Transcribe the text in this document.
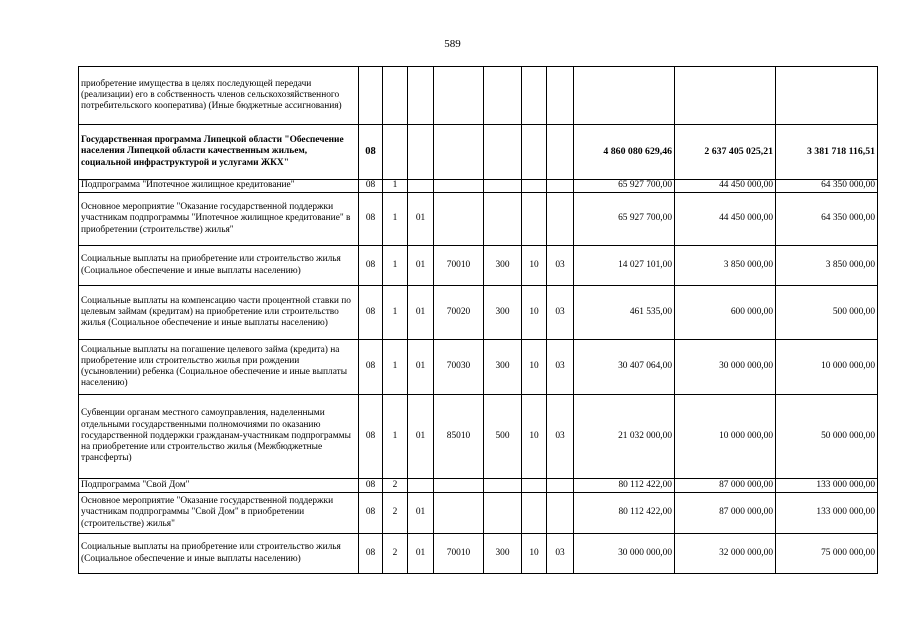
589
приобретение имущества в целях последующей передачи (реализации) его в собственность членов сельскохозяйственного потребительского кооператива) (Иные бюджетные ассигнования)										
Государственная программа Липецкой области "Обеспечение населения Липецкой области качественным жильем, социальной инфраструктурой и услугами ЖКХ"	08							4 860 080 629,46	2 637 405 025,21	3 381 718 116,51
Подпрограмма "Ипотечное жилищное кредитование"	08	1						65 927 700,00	44 450 000,00	64 350 000,00
Основное мероприятие "Оказание государственной поддержки участникам подпрограммы "Ипотечное жилищное кредитование" в приобретении (строительстве) жилья"	08	1	01					65 927 700,00	44 450 000,00	64 350 000,00
Социальные выплаты на приобретение или строительство жилья (Социальное обеспечение и иные выплаты населению)	08	1	01	70010	300	10	03	14 027 101,00	3 850 000,00	3 850 000,00
Социальные выплаты на компенсацию части процентной ставки по целевым займам (кредитам) на приобретение или строительство жилья (Социальное обеспечение и иные выплаты населению)	08	1	01	70020	300	10	03	461 535,00	600 000,00	500 000,00
Социальные выплаты на погашение целевого займа (кредита) на приобретение или строительство жилья при рождении (усыновлении) ребенка (Социальное обеспечение и иные выплаты населению)	08	1	01	70030	300	10	03	30 407 064,00	30 000 000,00	10 000 000,00
Субвенции органам местного самоуправления, наделенными отдельными государственными полномочиями по оказанию государственной поддержки гражданам-участникам подпрограммы на приобретение или строительство жилья (Межбюджетные трансферты)	08	1	01	85010	500	10	03	21 032 000,00	10 000 000,00	50 000 000,00
Подпрограмма "Свой Дом"	08	2						80 112 422,00	87 000 000,00	133 000 000,00
Основное мероприятие "Оказание государственной поддержки участникам подпрограммы "Свой Дом" в приобретении (строительстве) жилья"	08	2	01					80 112 422,00	87 000 000,00	133 000 000,00
Социальные выплаты на приобретение или строительство жилья (Социальное обеспечение и иные выплаты населению)	08	2	01	70010	300	10	03	30 000 000,00	32 000 000,00	75 000 000,00
